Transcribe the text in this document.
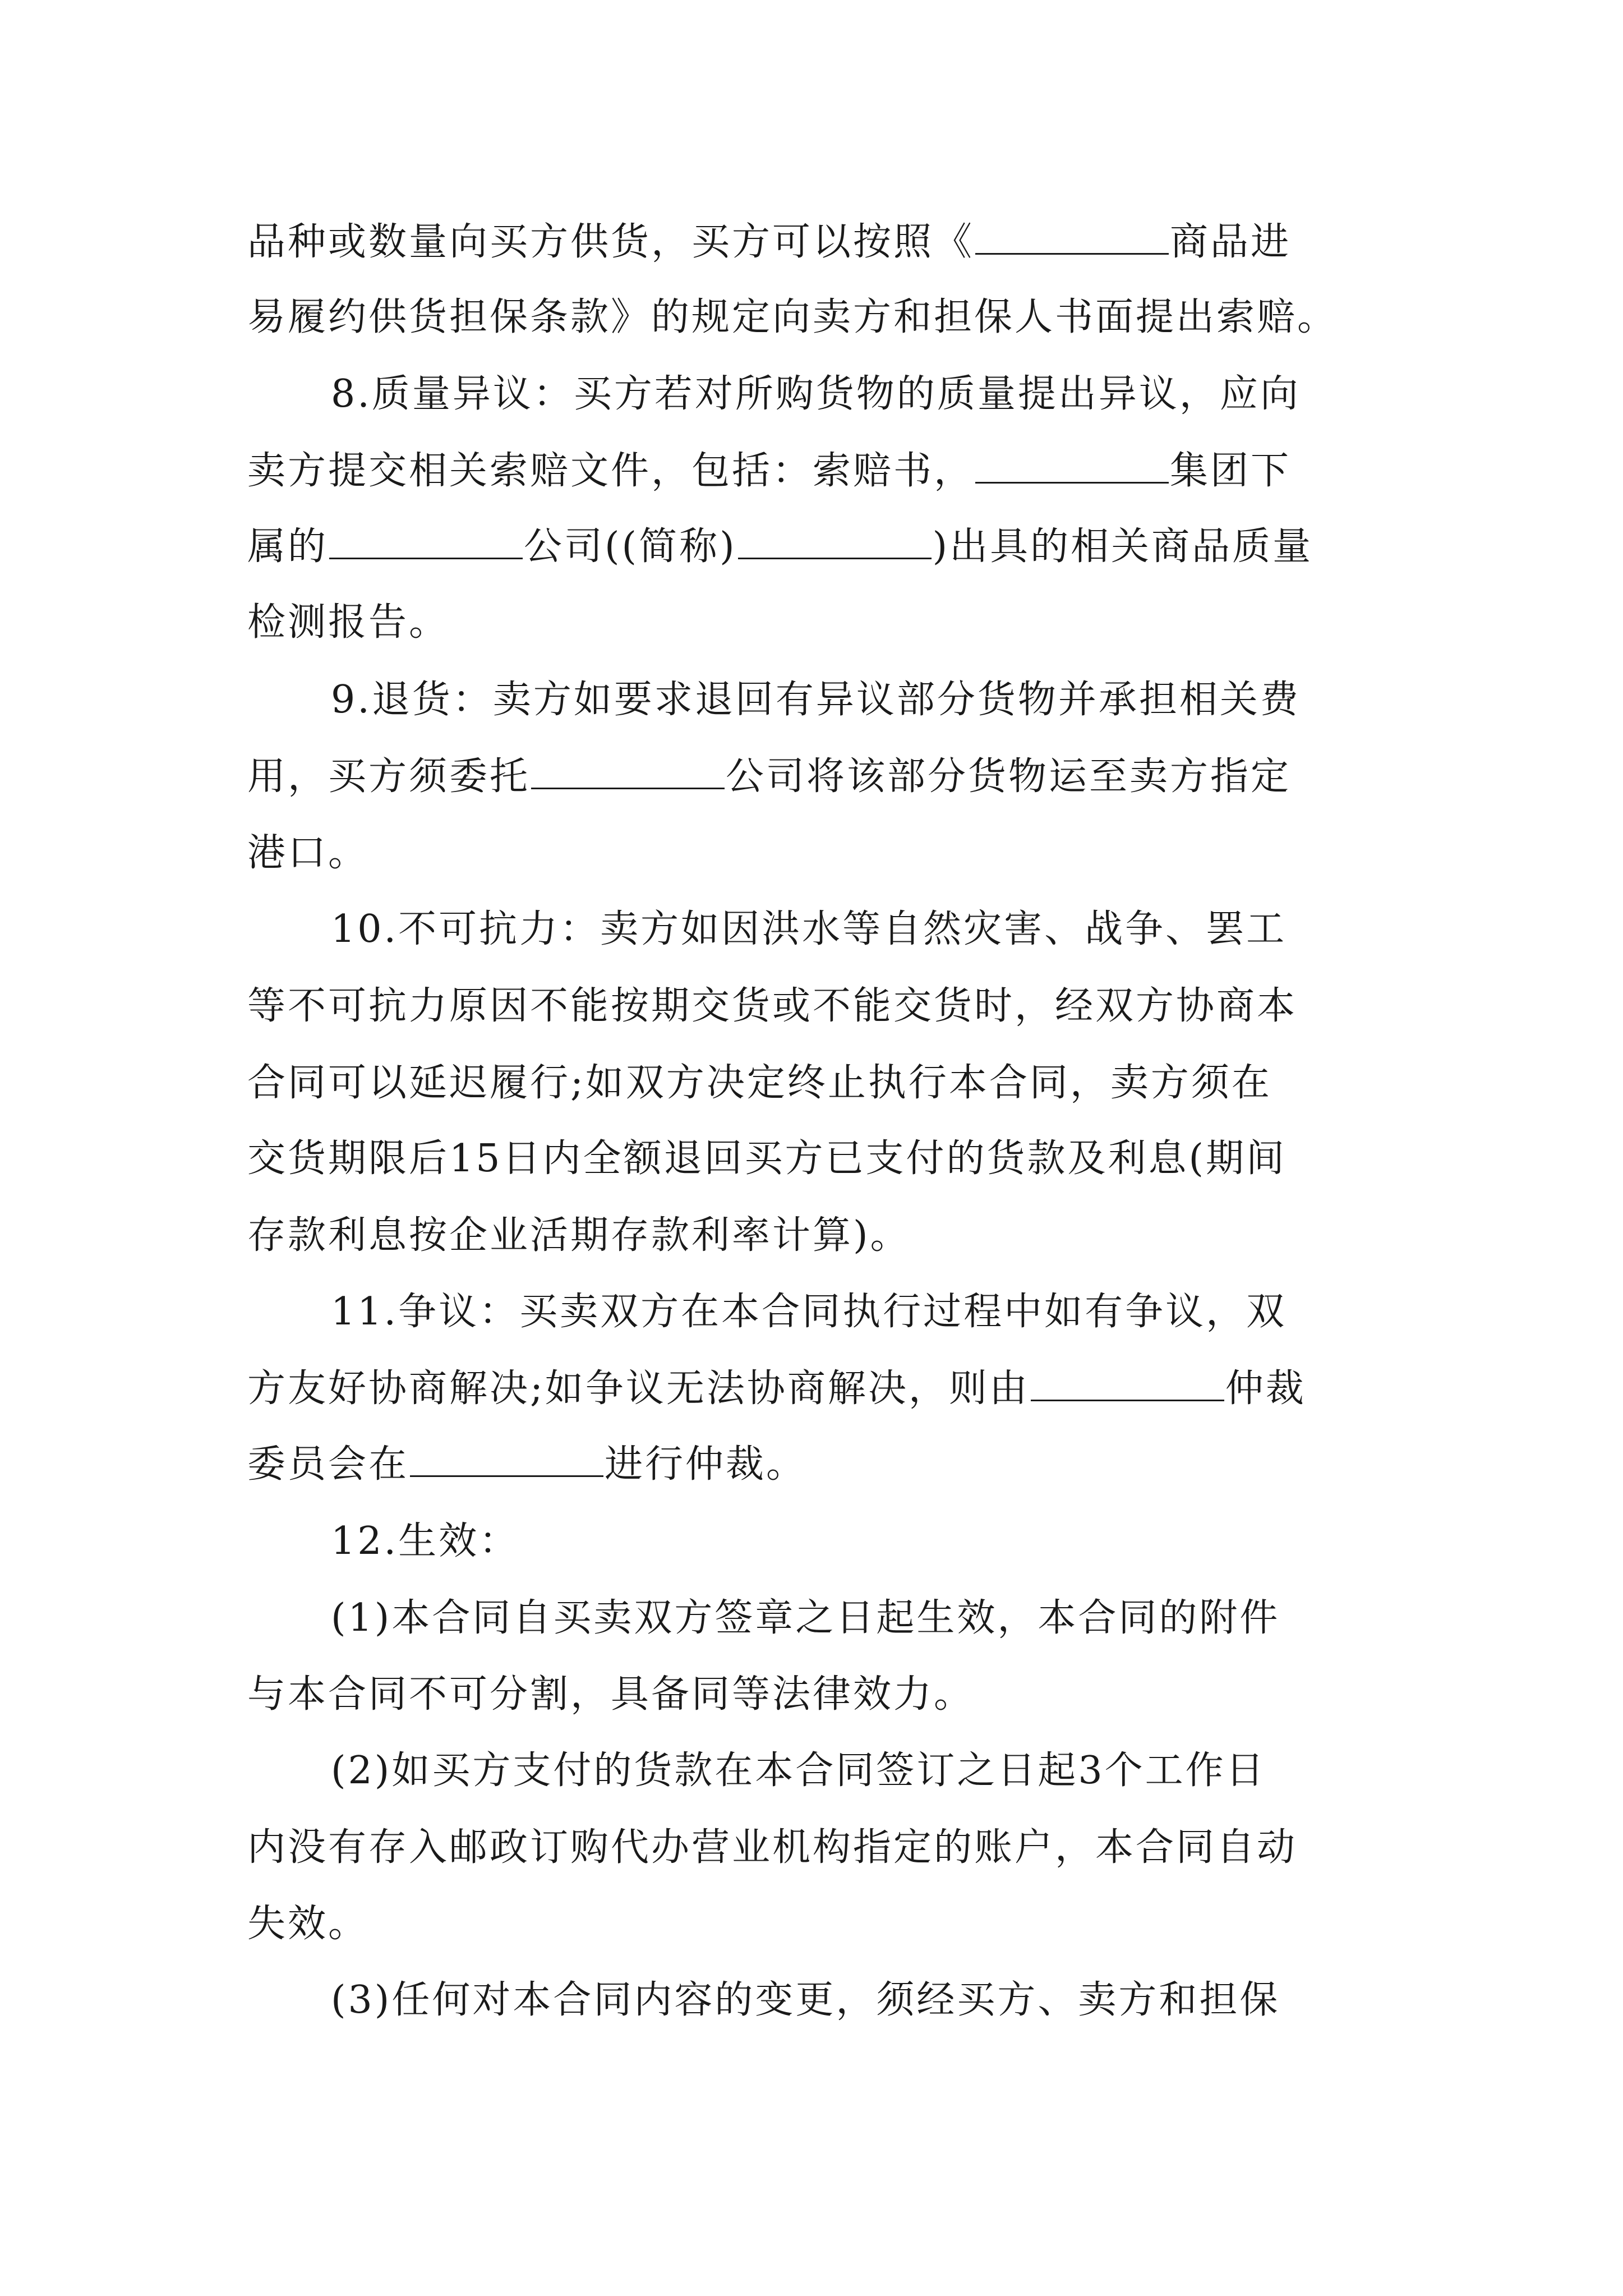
品种或数量向买方供货，买方可以按照《	商品进
易履约供货担保条款》的规定向卖方和担保人书面提出索赔。
8.质量异议：买方若对所购货物的质量提出异议，应向
卖方提交相关索赔文件，包括：索赔书，	集团下
属的	公司((简称)	)出具的相关商品质量
检测报告。
9.退货：卖方如要求退回有异议部分货物并承担相关费
用，买方须委托	公司将该部分货物运至卖方指定
港口。
10.不可抗力：卖方如因洪水等自然灾害、战争、罢工
等不可抗力原因不能按期交货或不能交货时，经双方协商本
合同可以延迟履行;如双方决定终止执行本合同，卖方须在
交货期限后15日内全额退回买方已支付的货款及利息(期间
存款利息按企业活期存款利率计算)。
11.争议：买卖双方在本合同执行过程中如有争议，双
方友好协商解决;如争议无法协商解决，则由	仲裁
委员会在	进行仲裁。
12.生效：
(1)本合同自买卖双方签章之日起生效，本合同的附件
与本合同不可分割，具备同等法律效力。
(2)如买方支付的货款在本合同签订之日起3个工作日
内没有存入邮政订购代办营业机构指定的账户，本合同自动
失效。
(3)任何对本合同内容的变更，须经买方、卖方和担保
